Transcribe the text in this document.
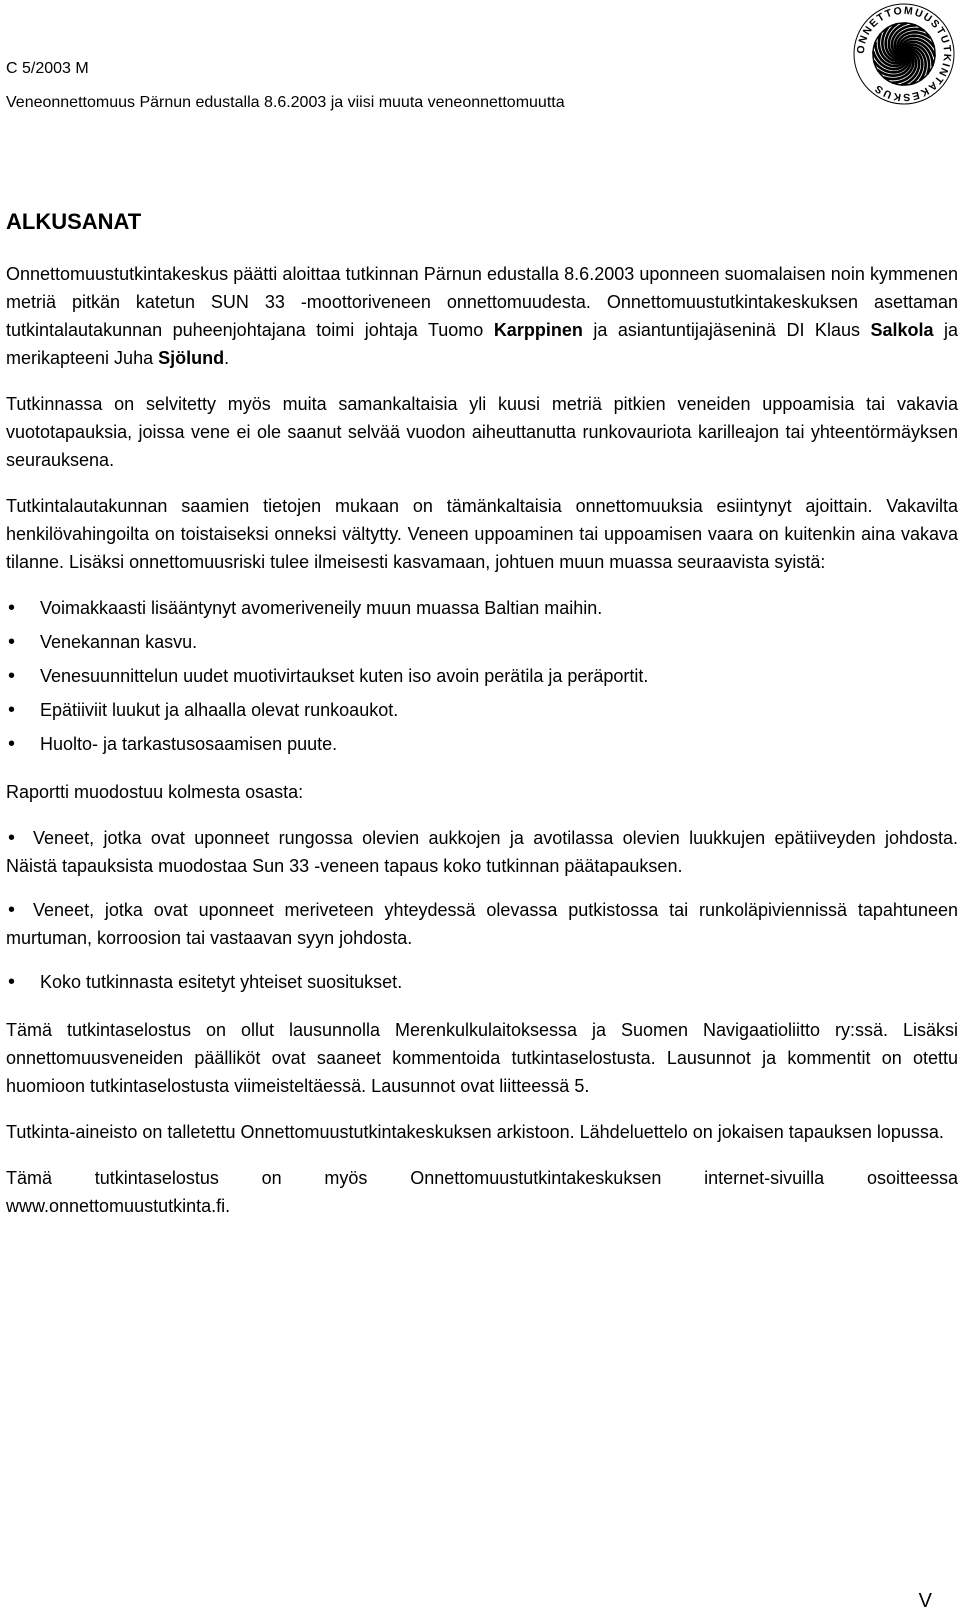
C 5/2003 M
Veneonnettomuus Pärnun edustalla 8.6.2003 ja viisi muuta veneonnettomuutta
ONNETTOMUUSTUTKINTAKESKUS
ALKUSANAT

Onnettomuustutkintakeskus päätti aloittaa tutkinnan Pärnun edustalla 8.6.2003 uponneen suomalaisen noin kymmenen metriä pitkän katetun SUN 33 -moottoriveneen onnettomuudesta. Onnettomuustutkintakeskuksen asettaman tutkintalautakunnan puheenjohtajana toimi johtaja Tuomo Karppinen ja asiantuntijajäseninä DI Klaus Salkola ja merikapteeni Juha Sjölund.

Tutkinnassa on selvitetty myös muita samankaltaisia yli kuusi metriä pitkien veneiden uppoamisia tai vakavia vuototapauksia, joissa vene ei ole saanut selvää vuodon aiheuttanutta runkovauriota karilleajon tai yhteentörmäyksen seurauksena.

Tutkintalautakunnan saamien tietojen mukaan on tämänkaltaisia onnettomuuksia esiintynyt ajoittain. Vakavilta henkilövahingoilta on toistaiseksi onneksi vältytty. Veneen uppoaminen tai uppoamisen vaara on kuitenkin aina vakava tilanne. Lisäksi onnettomuusriski tulee ilmeisesti kasvamaan, johtuen muun muassa seuraavista syistä:

• Voimakkaasti lisääntynyt avomeriveneily muun muassa Baltian maihin.
• Venekannan kasvu.
• Venesuunnittelun uudet muotivirtaukset kuten iso avoin perätila ja peräportit.
• Epätiiviit luukut ja alhaalla olevat runkoaukot.
• Huolto- ja tarkastusosaamisen puute.

Raportti muodostuu kolmesta osasta:

• Veneet, jotka ovat uponneet rungossa olevien aukkojen ja avotilassa olevien luukkujen epätiiveyden johdosta. Näistä tapauksista muodostaa Sun 33 -veneen tapaus koko tutkinnan päätapauksen.
• Veneet, jotka ovat uponneet meriveteen yhteydessä olevassa putkistossa tai runkoläpiviennissä tapahtuneen murtuman, korroosion tai vastaavan syyn johdosta.
• Koko tutkinnasta esitetyt yhteiset suositukset.

Tämä tutkintaselostus on ollut lausunnolla Merenkulkulaitoksessa ja Suomen Navigaatioliitto ry:ssä. Lisäksi onnettomuusveneiden päälliköt ovat saaneet kommentoida tutkintaselostusta. Lausunnot ja kommentit on otettu huomioon tutkintaselostusta viimeisteltäessä. Lausunnot ovat liitteessä 5.

Tutkinta-aineisto on talletettu Onnettomuustutkintakeskuksen arkistoon. Lähdeluettelo on jokaisen tapauksen lopussa.

Tämä tutkintaselostus on myös Onnettomuustutkintakeskuksen internet-sivuilla osoitteessa www.onnettomuustutkinta.fi.

V
